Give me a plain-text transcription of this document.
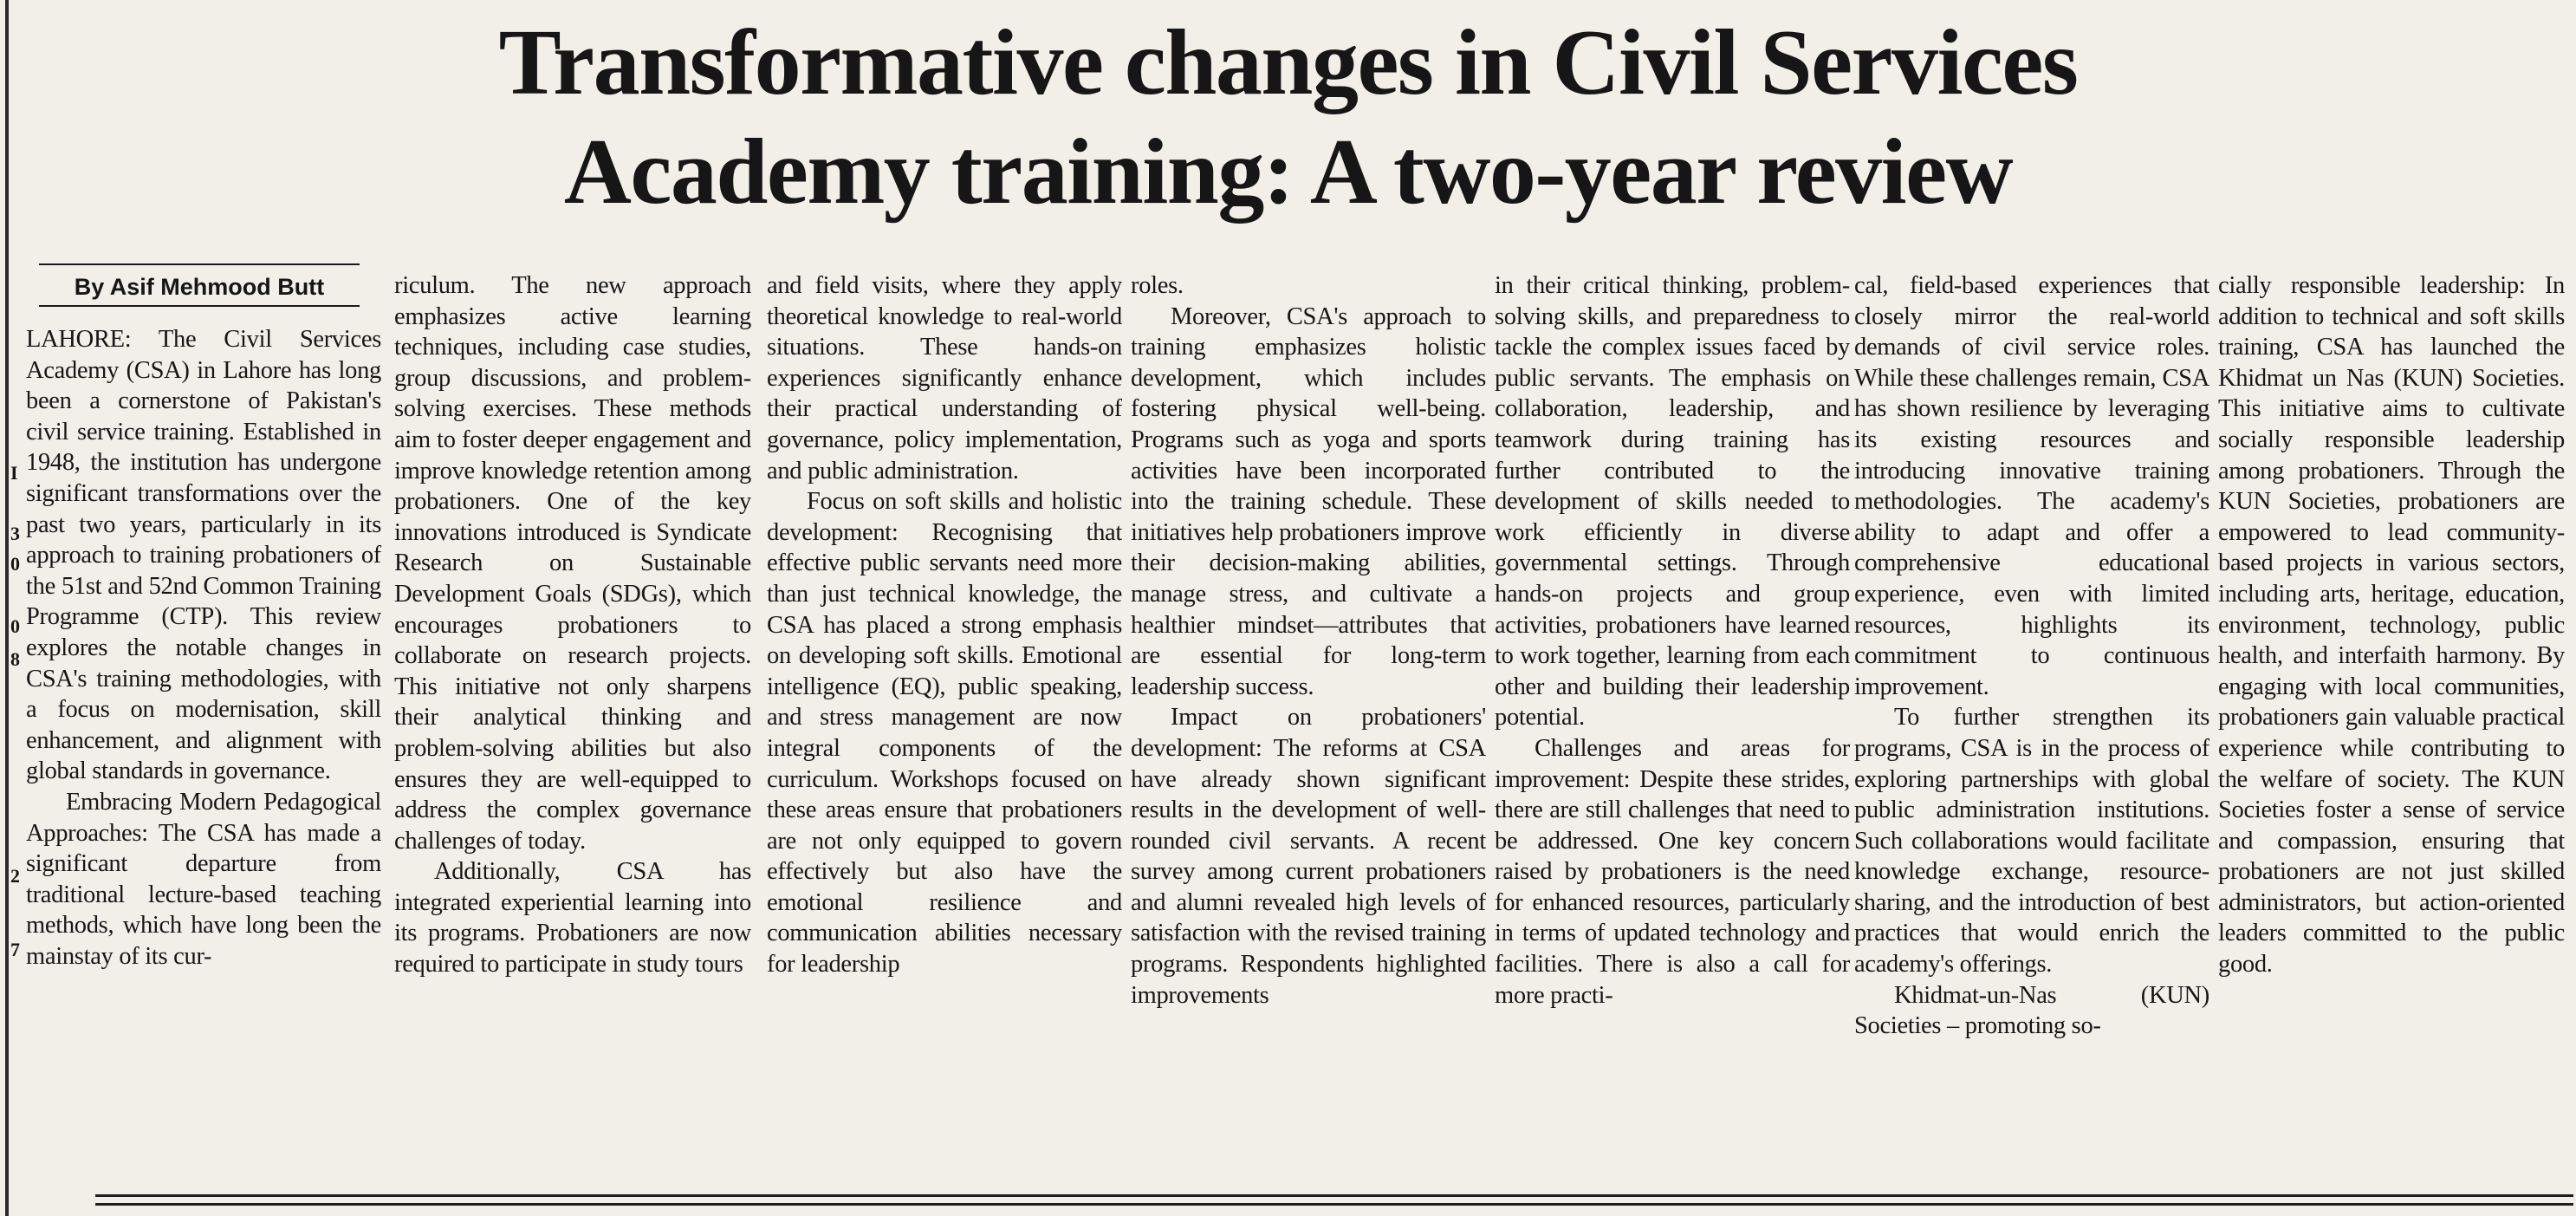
I
3
0
0
8
2
7
Transformative changes in Civil Services
Academy training: A two-year review
By Asif Mehmood Butt

LAHORE: The Civil Services Academy (CSA) in Lahore has long been a cornerstone of Pakistan's civil service training. Established in 1948, the institution has undergone significant transformations over the past two years, particularly in its approach to training probationers of the 51st and 52nd Common Training Programme (CTP). This review explores the notable changes in CSA's training methodologies, with a focus on modernisation, skill enhancement, and alignment with global standards in governance.

Embracing Modern Pedagogical Approaches: The CSA has made a significant departure from traditional lecture-based teaching methods, which have long been the mainstay of its cur-

riculum. The new approach emphasizes active learning techniques, including case studies, group discussions, and problem-solving exercises. These methods aim to foster deeper engagement and improve knowledge retention among probationers. One of the key innovations introduced is Syndicate Research on Sustainable Development Goals (SDGs), which encourages probationers to collaborate on research projects. This initiative not only sharpens their analytical thinking and problem-solving abilities but also ensures they are well-equipped to address the complex governance challenges of today.

Additionally, CSA has integrated experiential learning into its programs. Probationers are now required to participate in study tours

and field visits, where they apply theoretical knowledge to real-world situations. These hands-on experiences significantly enhance their practical understanding of governance, policy implementation, and public administration.

Focus on soft skills and holistic development: Recognising that effective public servants need more than just technical knowledge, the CSA has placed a strong emphasis on developing soft skills. Emotional intelligence (EQ), public speaking, and stress management are now integral components of the curriculum. Workshops focused on these areas ensure that probationers are not only equipped to govern effectively but also have the emotional resilience and communication abilities necessary for leadership

roles.

Moreover, CSA's approach to training emphasizes holistic development, which includes fostering physical well-being. Programs such as yoga and sports activities have been incorporated into the training schedule. These initiatives help probationers improve their decision-making abilities, manage stress, and cultivate a healthier mindset—attributes that are essential for long-term leadership success.

Impact on probationers' development: The reforms at CSA have already shown significant results in the development of well-rounded civil servants. A recent survey among current probationers and alumni revealed high levels of satisfaction with the revised training programs. Respondents highlighted improvements

in their critical thinking, problem-solving skills, and preparedness to tackle the complex issues faced by public servants. The emphasis on collaboration, leadership, and teamwork during training has further contributed to the development of skills needed to work efficiently in diverse governmental settings. Through hands-on projects and group activities, probationers have learned to work together, learning from each other and building their leadership potential.

Challenges and areas for improvement: Despite these strides, there are still challenges that need to be addressed. One key concern raised by probationers is the need for enhanced resources, particularly in terms of updated technology and facilities. There is also a call for more practi-

cal, field-based experiences that closely mirror the real-world demands of civil service roles. While these challenges remain, CSA has shown resilience by leveraging its existing resources and introducing innovative training methodologies. The academy's ability to adapt and offer a comprehensive educational experience, even with limited resources, highlights its commitment to continuous improvement.

To further strengthen its programs, CSA is in the process of exploring partnerships with global public administration institutions. Such collaborations would facilitate knowledge exchange, resource-sharing, and the introduction of best practices that would enrich the academy's offerings.

Khidmat-un-Nas (KUN) Societies – promoting so-

cially responsible leadership: In addition to technical and soft skills training, CSA has launched the Khidmat un Nas (KUN) Societies. This initiative aims to cultivate socially responsible leadership among probationers. Through the KUN Societies, probationers are empowered to lead community-based projects in various sectors, including arts, heritage, education, environment, technology, public health, and interfaith harmony. By engaging with local communities, probationers gain valuable practical experience while contributing to the welfare of society. The KUN Societies foster a sense of service and compassion, ensuring that probationers are not just skilled administrators, but action-oriented leaders committed to the public good.
